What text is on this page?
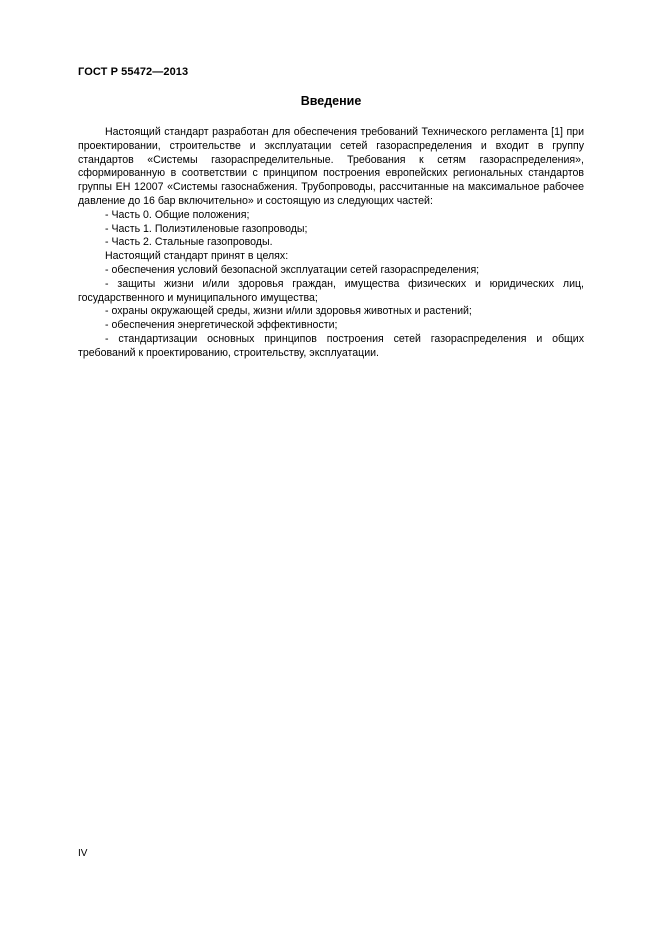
ГОСТ Р 55472—2013
Введение

Настоящий стандарт разработан для обеспечения требований Технического регламента [1] при проектировании, строительстве и эксплуатации сетей газораспределения и входит в группу стандартов «Системы газораспределительные. Требования к сетям газораспределения», сформированную в соответствии с принципом построения европейских региональных стандартов группы ЕН 12007 «Системы газоснабжения. Трубопроводы, рассчитанные на максимальное рабочее давление до 16 бар включительно» и состоящую из следующих частей:

- Часть 0. Общие положения;

- Часть 1. Полиэтиленовые газопроводы;

- Часть 2. Стальные газопроводы.

Настоящий стандарт принят в целях:

- обеспечения условий безопасной эксплуатации сетей газораспределения;

- защиты жизни и/или здоровья граждан, имущества физических и юридических лиц, государственного и муниципального имущества;

- охраны окружающей среды, жизни и/или здоровья животных и растений;

- обеспечения энергетической эффективности;

- стандартизации основных принципов построения сетей газораспределения и общих требований к проектированию, строительству, эксплуатации.

IV
